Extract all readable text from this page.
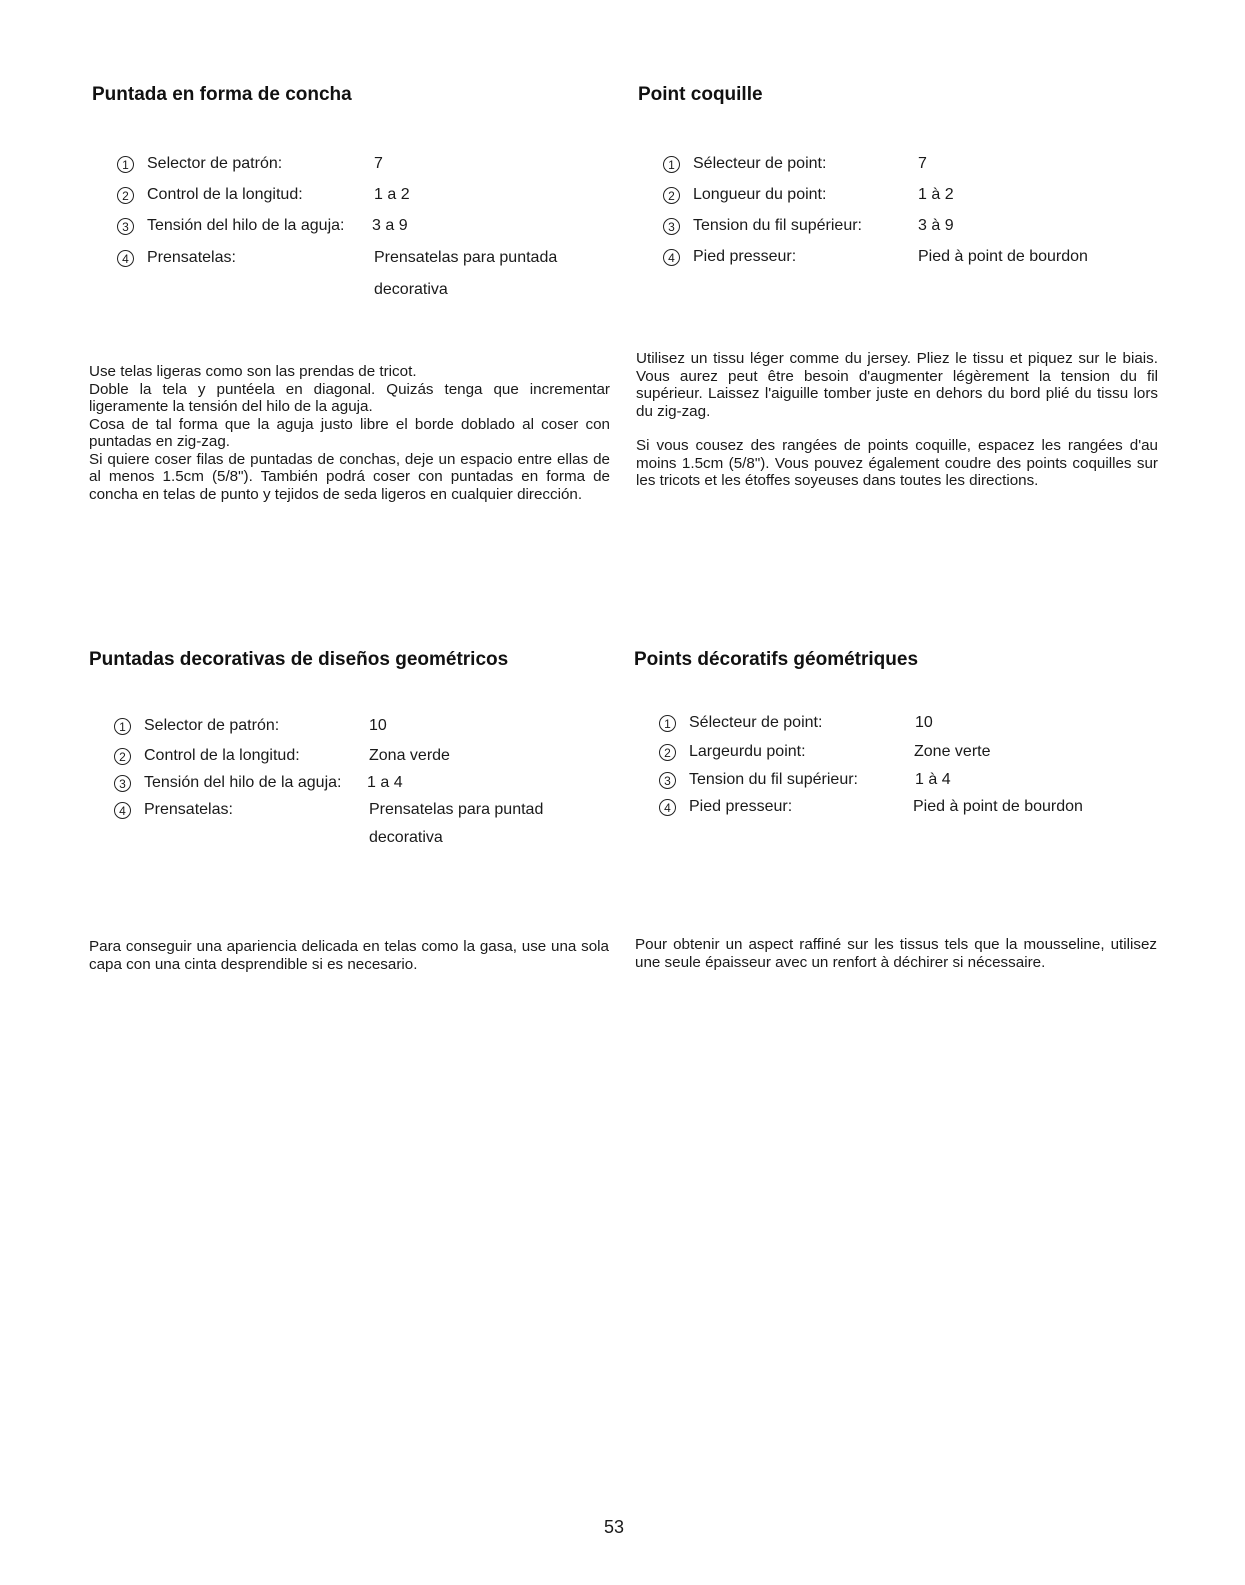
Puntada en forma de concha
1	Selector de patrón:	7
2	Control de la longitud:	1 a 2
3	Tensión del hilo de la aguja: 3 a 9
4	Prensatelas:	Prensatelas para puntada
decorativa

Use telas ligeras como son las prendas de tricot.

Doble la tela y puntéela en diagonal. Quizás tenga que incrementar ligeramente la tensión del hilo de la aguja.

Cosa de tal forma que la aguja justo libre el borde doblado al coser con puntadas en zig-zag.

Si quiere coser filas de puntadas de conchas, deje un espacio entre ellas de al menos 1.5cm (5/8"). También podrá coser con puntadas en forma de concha en telas de punto y tejidos de seda ligeros en cualquier dirección.

Point coquille
1	Sélecteur de point:	7
2	Longueur du point:	1 à 2
3	Tension du fil supérieur:	3 à 9
4	Pied presseur:	Pied à point de bourdon

Utilisez un tissu léger comme du jersey. Pliez le tissu et piquez sur le biais. Vous aurez peut être besoin d'augmenter légèrement la tension du fil supérieur. Laissez l'aiguille tomber juste en dehors du bord plié du tissu lors du zig-zag.

Si vous cousez des rangées de points coquille, espacez les rangées d'au moins 1.5cm (5/8"). Vous pouvez également coudre des points coquilles sur les tricots et les étoffes soyeuses dans toutes les directions.

Puntadas decorativas de diseños geométricos
1	Selector de patrón:	10
2	Control de la longitud:	Zona verde
3	Tensión del hilo de la aguja: 1 a 4
4	Prensatelas:	Prensatelas para puntad
decorativa

Para conseguir una apariencia delicada en telas como la gasa, use una sola capa con una cinta desprendible si es necesario.

Points décoratifs géométriques
1	Sélecteur de point:	10
2	Largeurdu point:	Zone verte
3	Tension du fil supérieur:	1 à 4
4	Pied presseur:	Pied à point de bourdon

Pour obtenir un aspect raffiné sur les tissus tels que la mousseline, utilisez une seule épaisseur avec un renfort à déchirer si nécessaire.

53
